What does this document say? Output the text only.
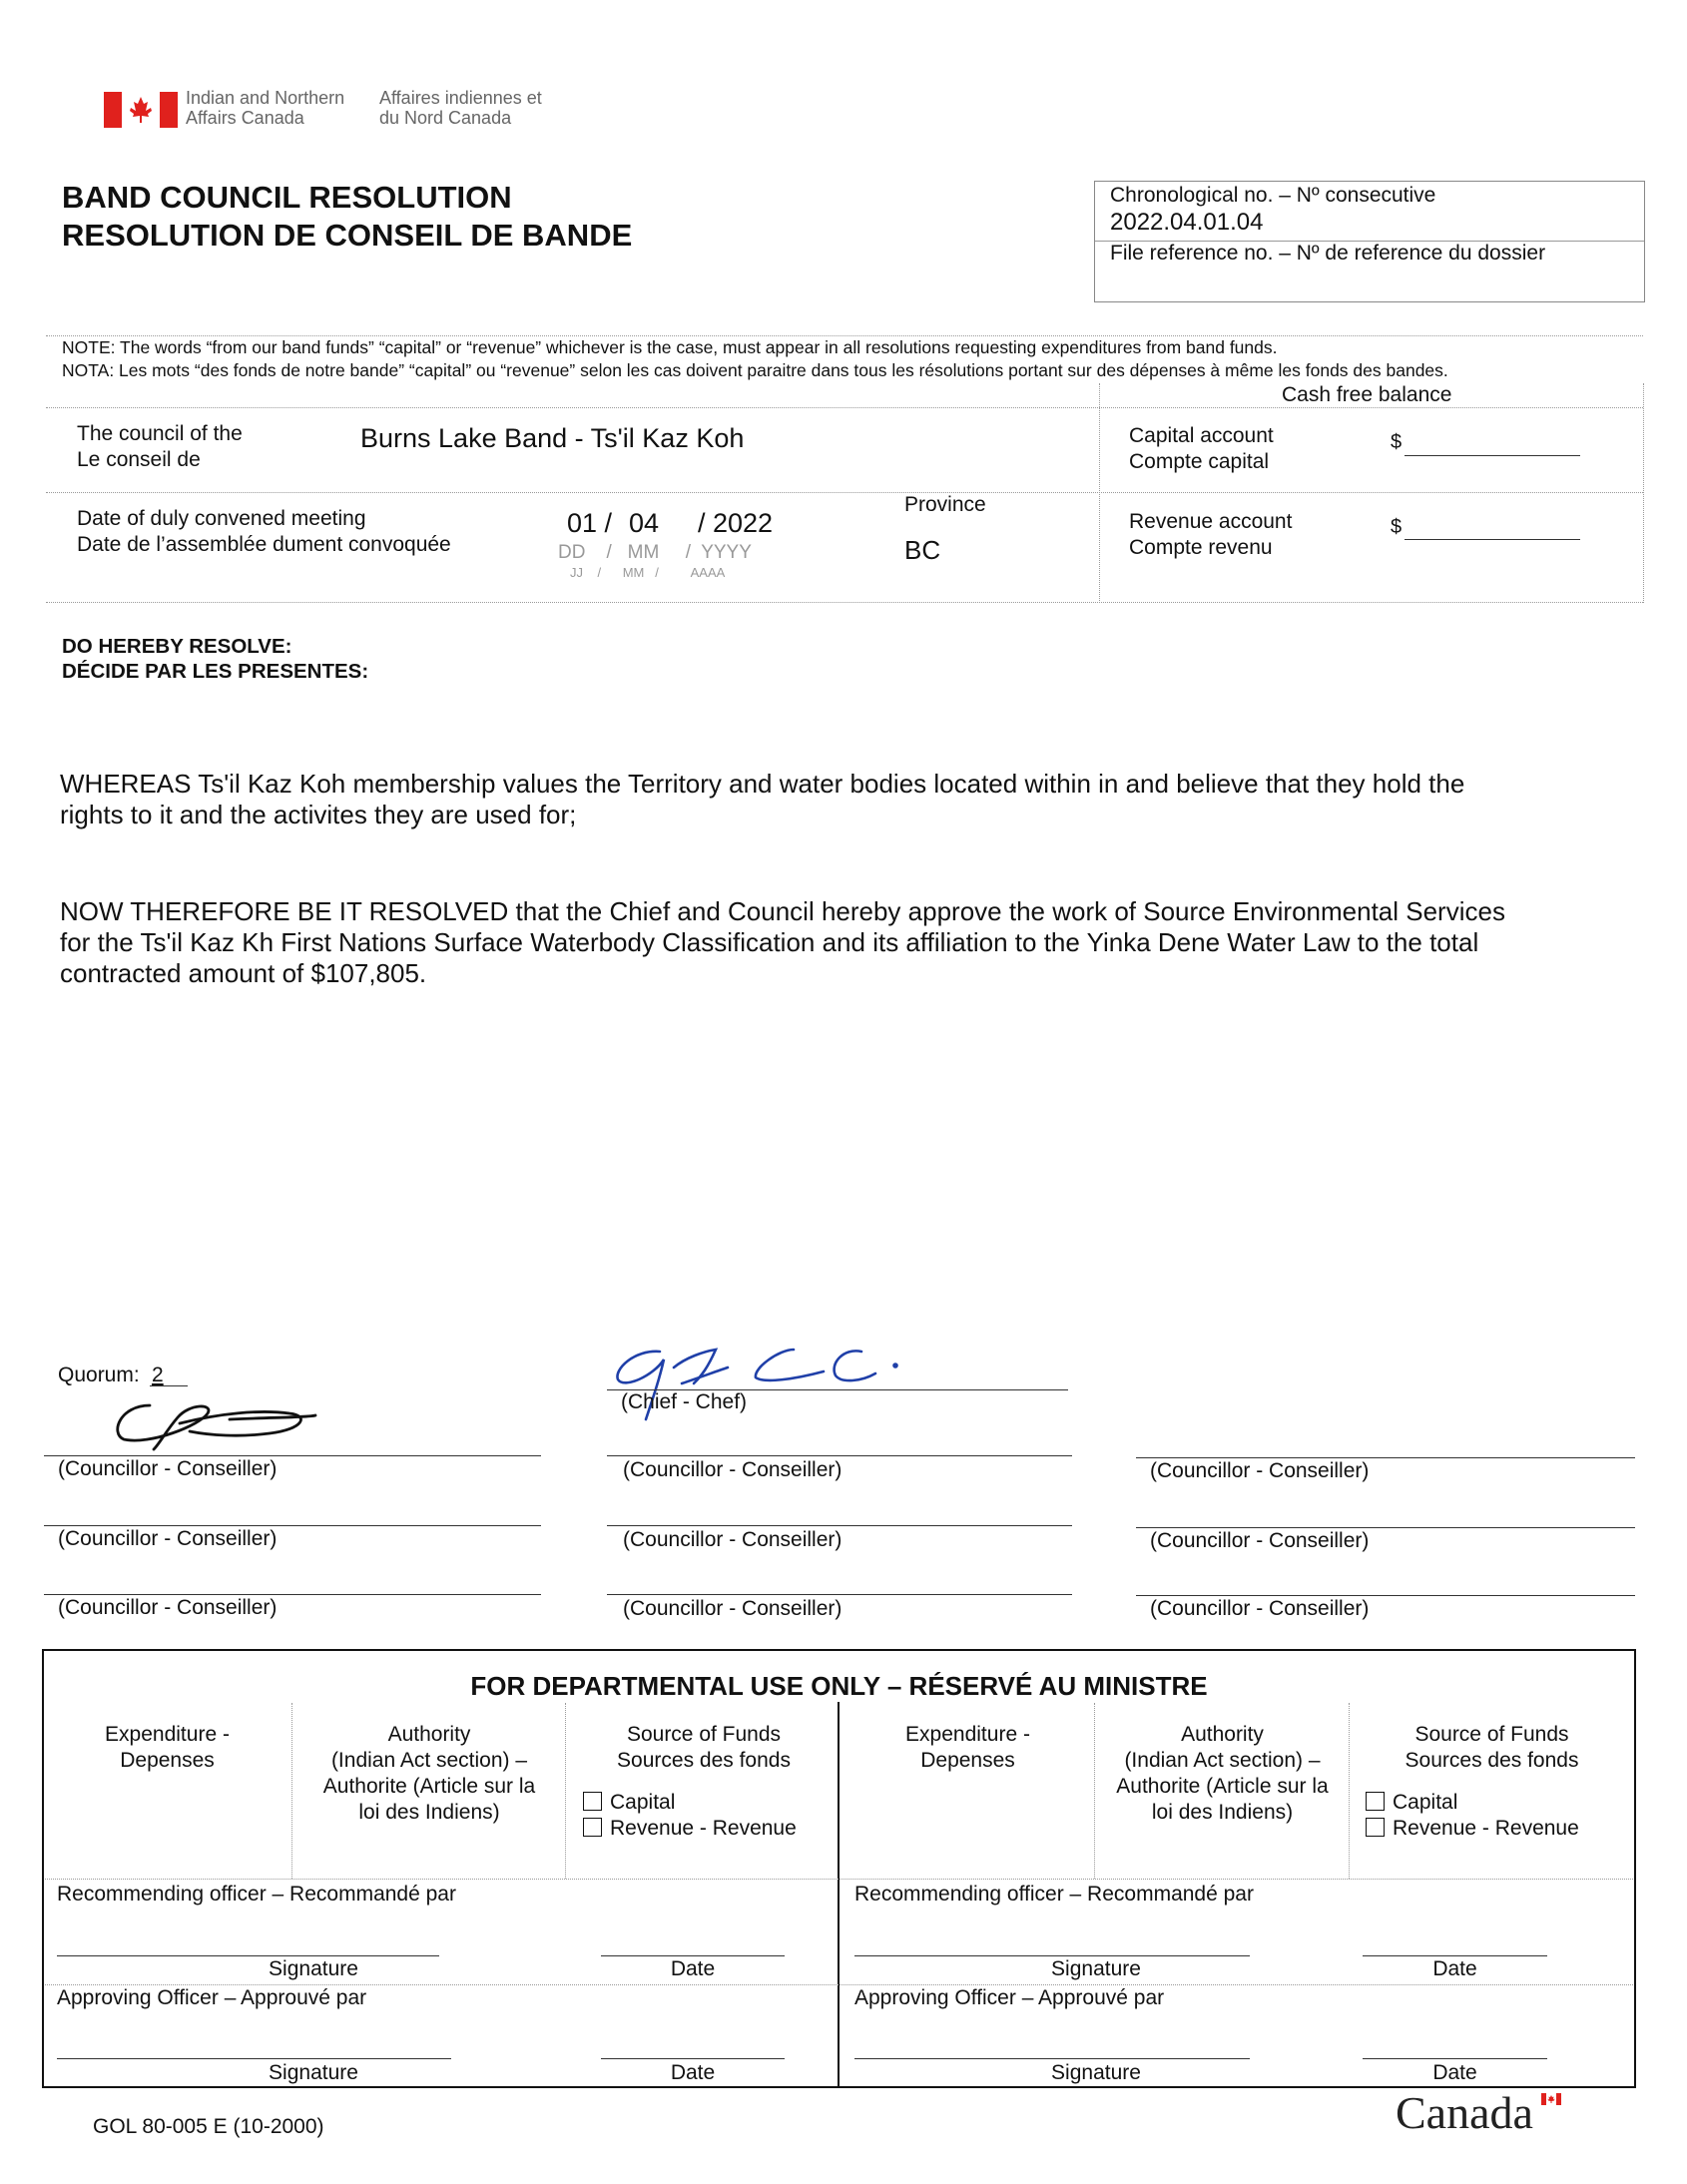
Indian and Northern
Affairs Canada
Affaires indiennes et
du Nord Canada
BAND COUNCIL RESOLUTION
RESOLUTION DE CONSEIL DE BANDE
Chronological no. – Nº consecutive
2022.04.01.04
File reference no. – Nº de reference du dossier
NOTE: The words “from our band funds” “capital” or “revenue” whichever is the case, must appear in all resolutions requesting expenditures from band funds.
NOTA: Les mots “des fonds de notre bande” “capital” ou “revenue” selon les cas doivent paraitre dans tous les résolutions portant sur des dépenses à même les fonds des bandes.
Cash free balance
The council of the
Le conseil de
Burns Lake Band - Ts'il Kaz Koh	Capital account
Compte capital
$
Date of duly convened meeting
Date de l’assemblée dument convoquée
01 / 04 / 2022
DD    /   MM     /  YYYY
JJ    /      MM   /         AAAA
Province
BC
Revenue account
Compte revenu
$
DO HEREBY RESOLVE:
DÉCIDE PAR LES PRESENTES:
WHEREAS Ts'il Kaz Koh membership values the Territory and water bodies located within in and believe that they hold the
rights to it and the activites they are used for;
NOW THEREFORE BE IT RESOLVED that the Chief and Council hereby approve the work of Source Environmental Services
for the Ts'il Kaz Kh First Nations Surface Waterbody Classification and its affiliation to the Yinka Dene Water Law to the total
contracted amount of $107,805.
Quorum: 2
(Chief - Chef)
(Councillor - Conseiller)	(Councillor - Conseiller)	(Councillor - Conseiller)
(Councillor - Conseiller)	(Councillor - Conseiller)	(Councillor - Conseiller)
(Councillor - Conseiller)	(Councillor - Conseiller)	(Councillor - Conseiller)
FOR DEPARTMENTAL USE ONLY – RÉSERVÉ AU MINISTRE
Expenditure -
Depenses
Authority
(Indian Act section) –
Authorite (Article sur la
loi des Indiens)
Source of Funds
Sources des fonds
Capital
Revenue - Revenue
Expenditure -
Depenses
Authority
(Indian Act section) –
Authorite (Article sur la
loi des Indiens)
Source of Funds
Sources des fonds
Capital
Revenue - Revenue
Recommending officer – Recommandé par
Signature	Date
Recommending officer – Recommandé par
Signature	Date
Approving Officer – Approuvé par
Signature	Date
Approving Officer – Approuvé par
Signature	Date
GOL 80-005 E (10-2000)	Canada
